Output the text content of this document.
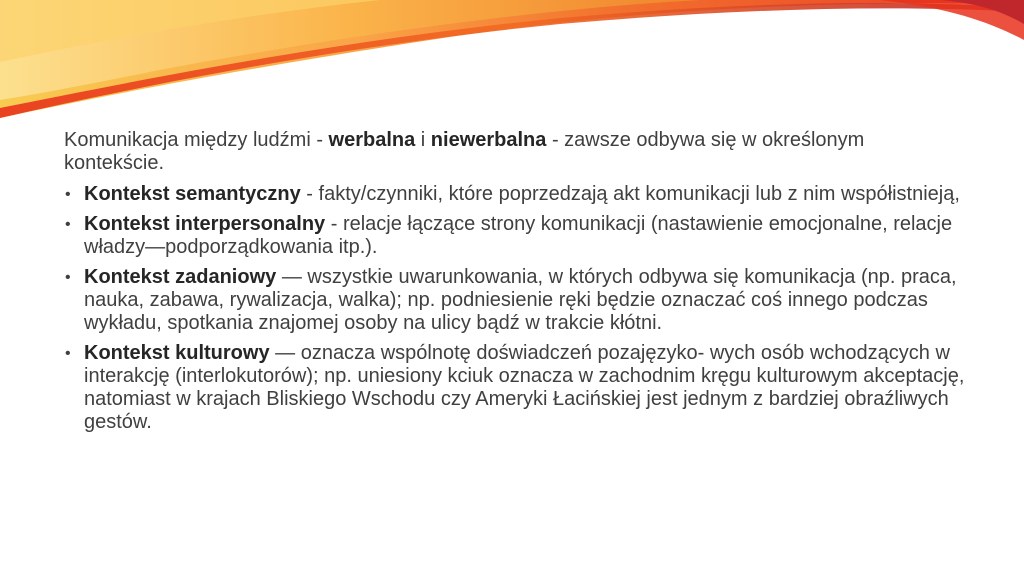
Komunikacja między ludźmi - werbalna i niewerbalna - zawsze odbywa się w określonym kontekście.

• Kontekst semantyczny - fakty/czynniki, które poprzedzają akt komunikacji lub z nim współistnieją,
• Kontekst interpersonalny - relacje łączące strony komunikacji (nastawienie emocjonalne, relacje władzy—podporządkowania itp.).
• Kontekst zadaniowy — wszystkie uwarunkowania, w których odbywa się komunikacja (np. praca, nauka, zabawa, rywalizacja, walka); np. podniesienie ręki będzie oznaczać coś innego podczas wykładu, spotkania znajomej osoby na ulicy bądź w trakcie kłótni.
• Kontekst kulturowy — oznacza wspólnotę doświadczeń pozajęzyko- wych osób wchodzących w interakcję (interlokutorów); np. uniesiony kciuk oznacza w zachodnim kręgu kulturowym akceptację, natomiast w krajach Bliskiego Wschodu czy Ameryki Łacińskiej jest jednym z bardziej obraźliwych gestów.
